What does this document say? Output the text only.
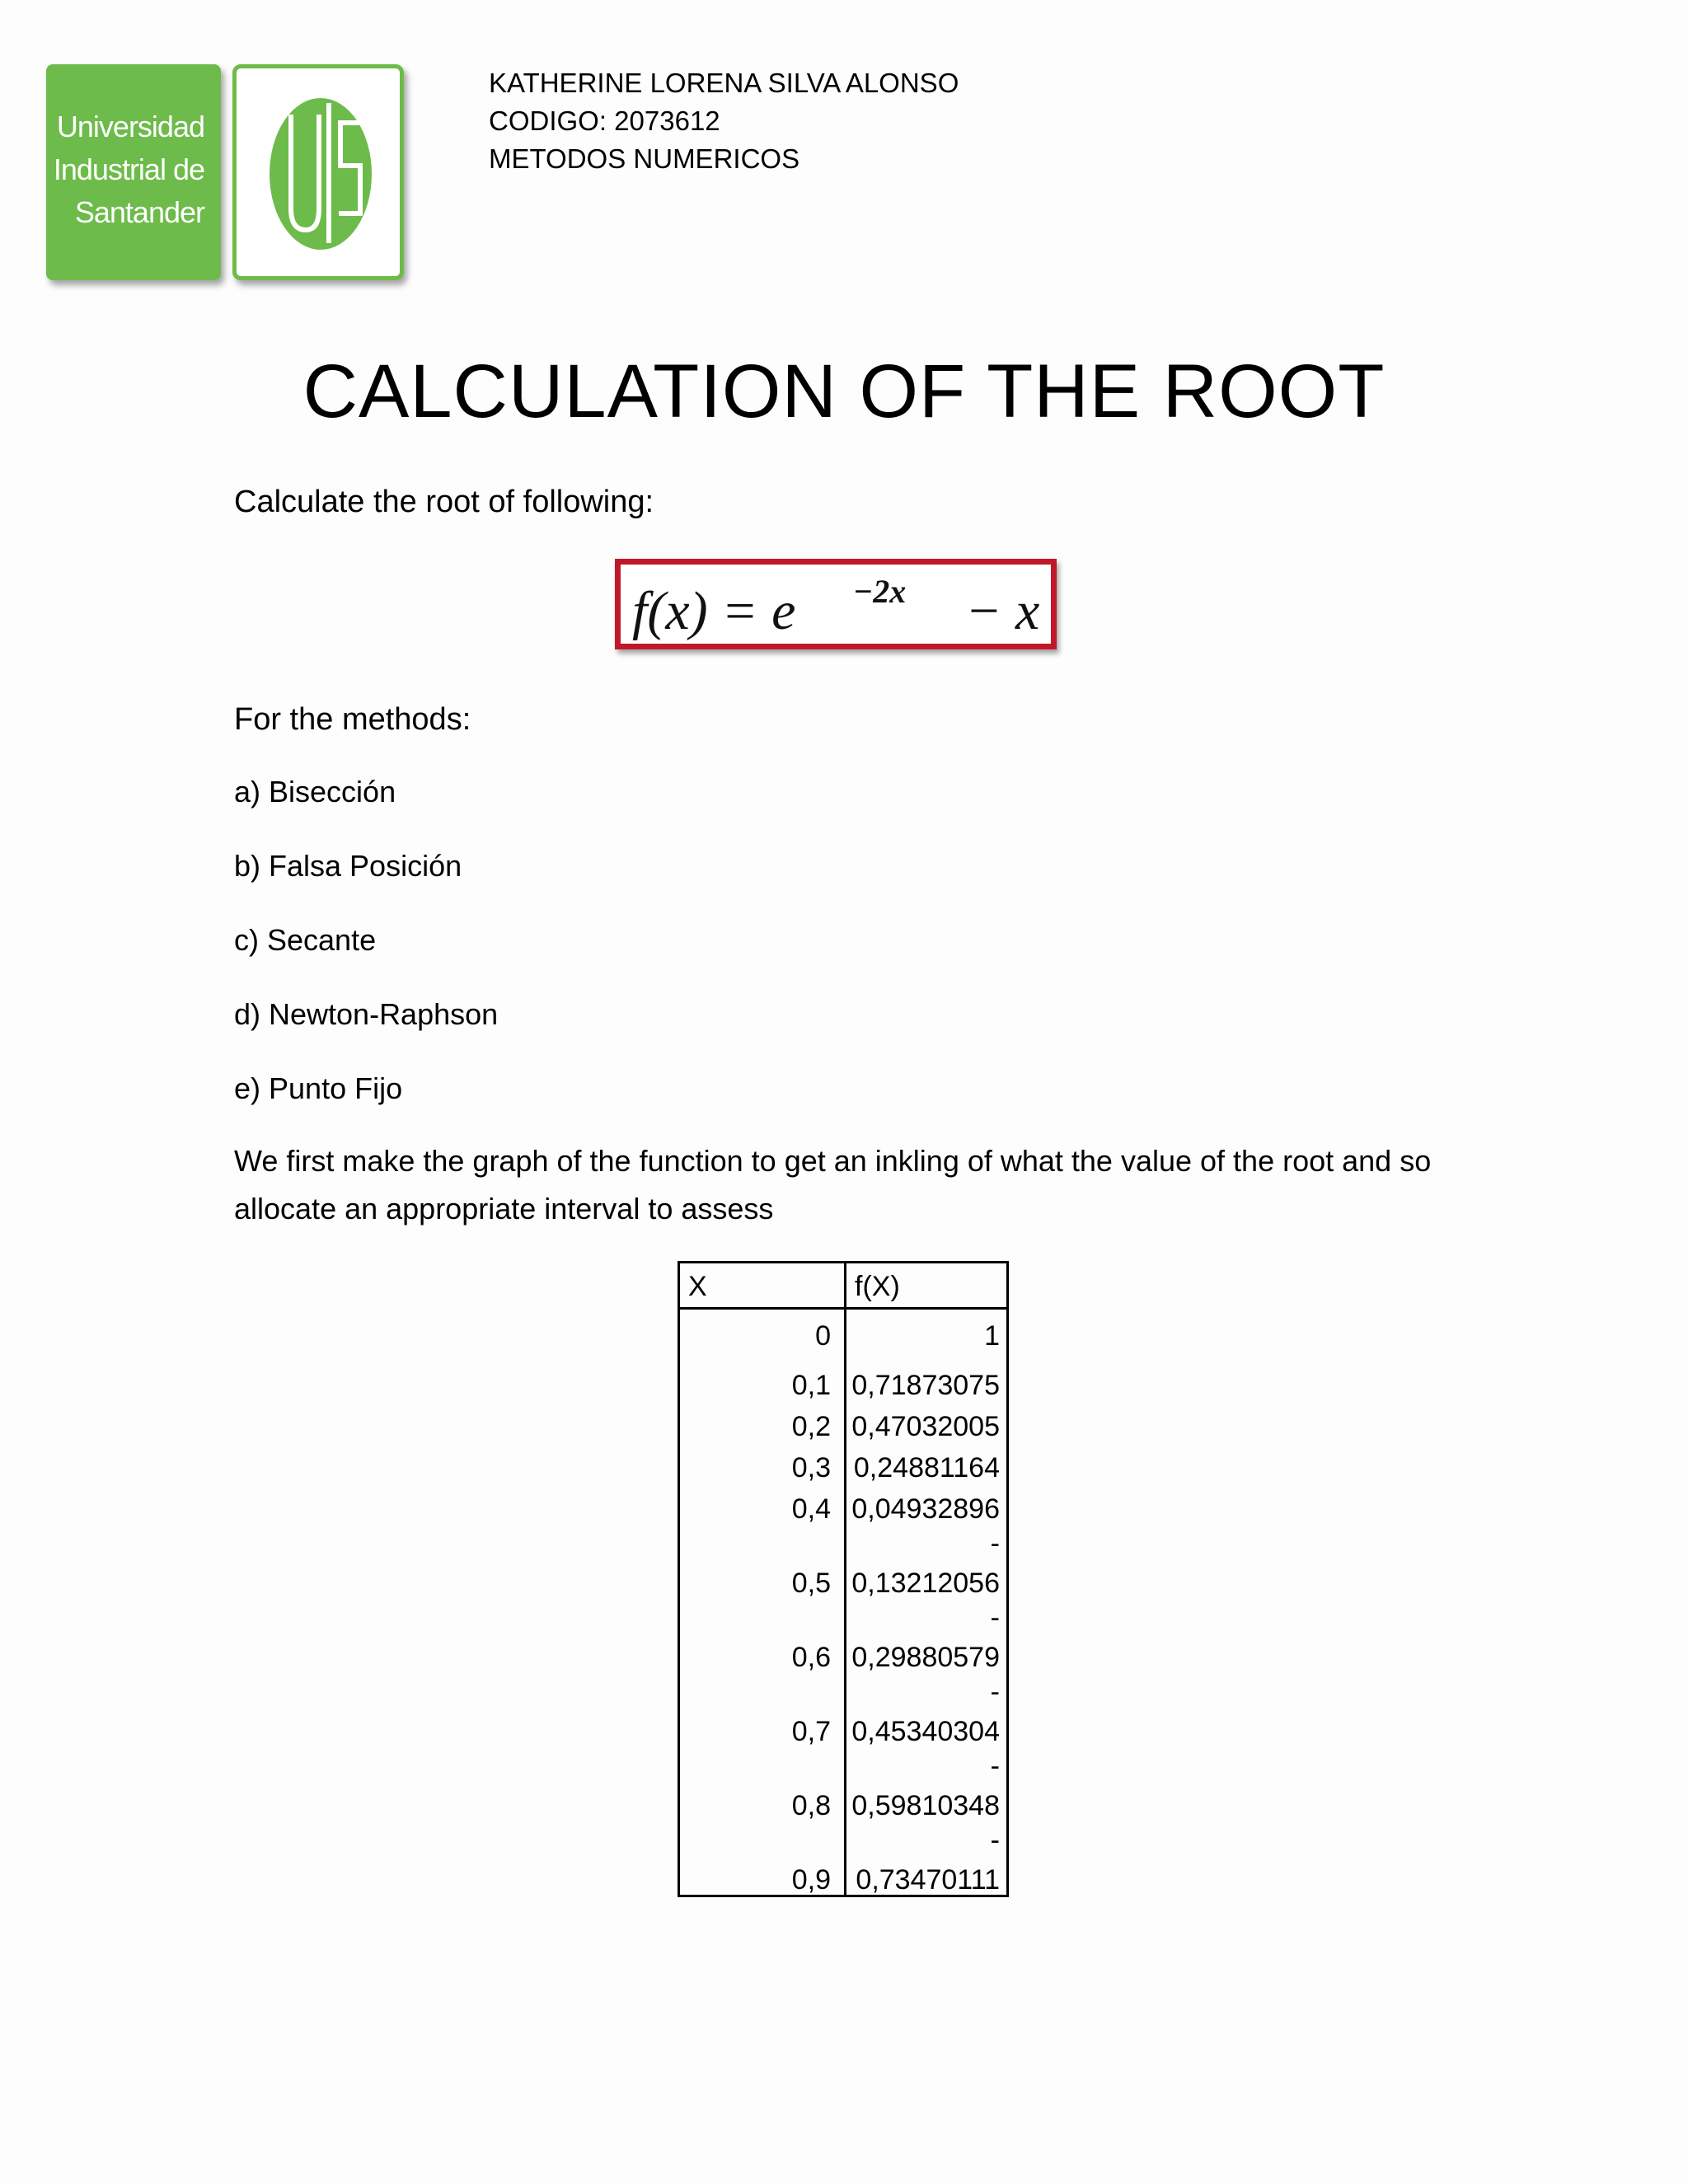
Universidad
Industrial de
Santander
KATHERINE LORENA SILVA ALONSO
CODIGO: 2073612
METODOS NUMERICOS
CALCULATION OF THE ROOT
Calculate the root of following:
f(x) = e −2x − x
For the methods:
a) Bisección
b) Falsa Posición
c) Secante
d) Newton-Raphson
e) Punto Fijo
We first make the graph of the function to get an inkling of what the value of the root and so allocate an appropriate interval to assess
X	f(X)
0	1
0,1 0,71873075
0,2 0,47032005
0,3 0,24881164
0,4 0,04932896
-
0,5 0,13212056
-
0,6 0,29880579
-
0,7 0,45340304
-
0,8 0,59810348
-
0,9 0,73470111
